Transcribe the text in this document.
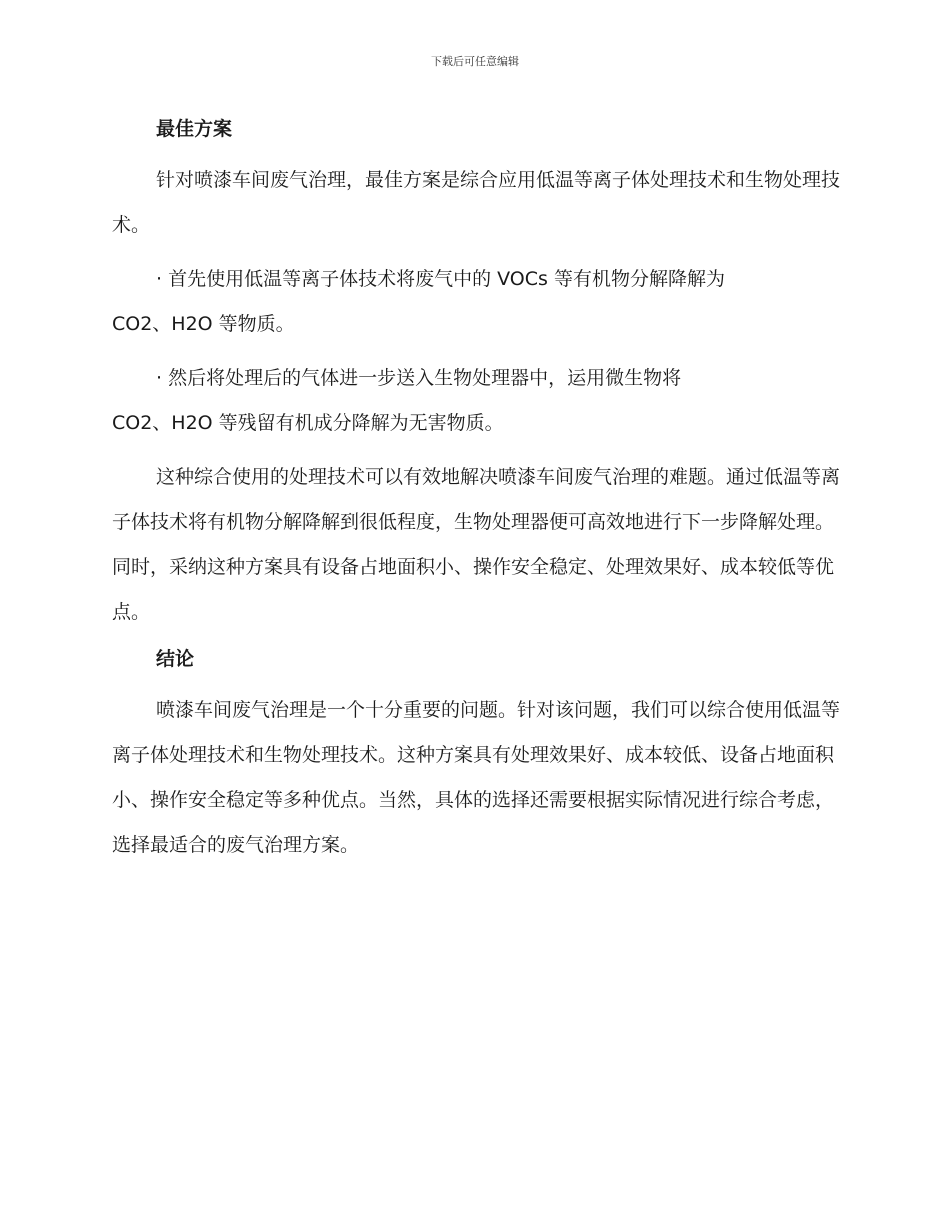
下载后可任意编辑
最佳方案
针对喷漆车间废气治理，最佳方案是综合应用低温等离子体处理技术和生物处理技术。
· 首先使用低温等离子体技术将废气中的 VOCs 等有机物分解降解为
CO2、H2O 等物质。
· 然后将处理后的气体进一步送入生物处理器中，运用微生物将
CO2、H2O 等残留有机成分降解为无害物质。
这种综合使用的处理技术可以有效地解决喷漆车间废气治理的难题。通过低温等离子体技术将有机物分解降解到很低程度，生物处理器便可高效地进行下一步降解处理。同时，采纳这种方案具有设备占地面积小、操作安全稳定、处理效果好、成本较低等优点。
结论
喷漆车间废气治理是一个十分重要的问题。针对该问题，我们可以综合使用低温等离子体处理技术和生物处理技术。这种方案具有处理效果好、成本较低、设备占地面积小、操作安全稳定等多种优点。当然，具体的选择还需要根据实际情况进行综合考虑，选择最适合的废气治理方案。
